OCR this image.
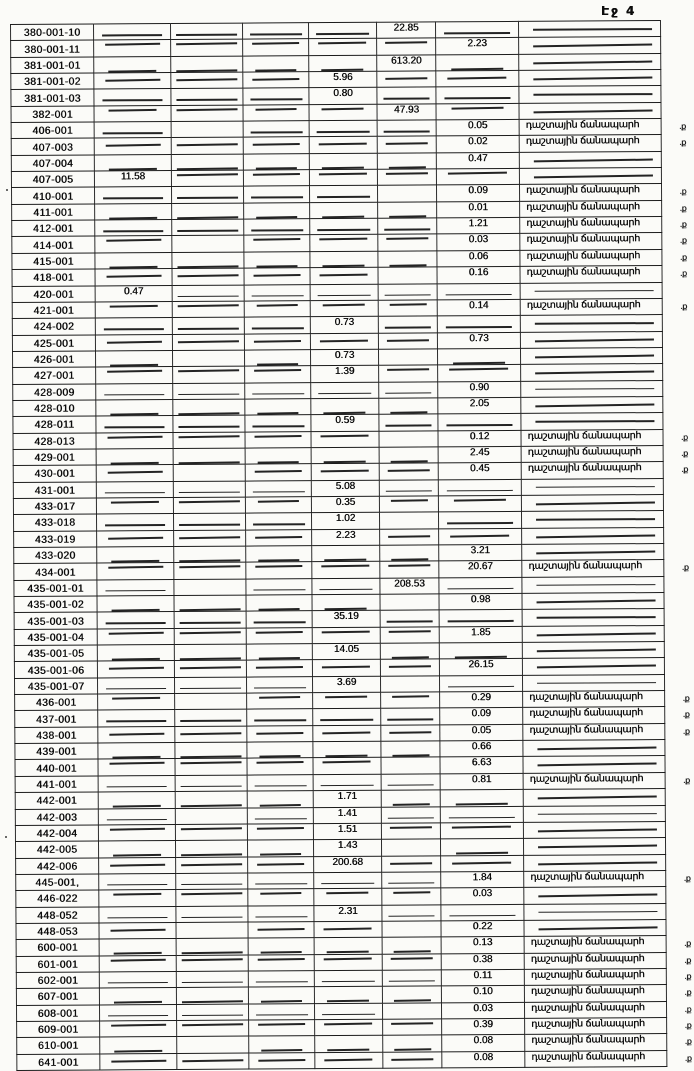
Էջ 4
380-001-10					22.85	

380-001-11						2.23	

381-001-01					613.20	

381-001-02				5.96	

381-001-03				0.80	

382-001					47.93	

406-001						0.05	դաշտային ճանապարհ .ք

407-003						0.02	դաշտային ճանապարհ .ք

407-004						0.47	

407-005	11.58	

410-001						0.09	դաշտային ճանապարհ .ք

411-001						0.01	դաշտային ճանապարհ .ք

412-001						1.21	դաշտային ճանապարհ .ք

414-001						0.03	դաշտային ճանապարհ .ք

415-001						0.06	դաշտային ճանապարհ .ք

418-001						0.16	դաշտային ճանապարհ .ք

420-001	0.47	

421-001						0.14	դաշտային ճանապարհ .ք

424-002				0.73	

425-001						0.73	

426-001				0.73	

427-001				1.39	

428-009						0.90	

428-010						2.05	

428-011				0.59	

428-013						0.12	դաշտային ճանապարհ .ք

429-001						2.45	դաշտային ճանապարհ .ք

430-001						0.45	դաշտային ճանապարհ .ք

431-001				5.08	

433-017				0.35	

433-018				1.02	

433-019				2.23	

433-020						3.21	

434-001						20.67	դաշտային ճանապարհ .ք

435-001-01					208.53	

435-001-02						0.98	

435-001-03				35.19	

435-001-04						1.85	

435-001-05				14.05	

435-001-06						26.15	

435-001-07				3.69	

436-001						0.29	դաշտային ճանապարհ .ք

437-001						0.09	դաշտային ճանապարհ .ք

438-001						0.05	դաշտային ճանապարհ .ք

439-001						0.66	

440-001						6.63	

441-001						0.81	դաշտային ճանապարհ .ք

442-001				1.71	

442-003				1.41	

442-004				1.51	

442-005				1.43	

442-006				200.68	

445-001,						1.84	դաշտային ճանապարհ .ք

446-022						0.03	

448-052				2.31	

448-053						0.22	

600-001						0.13	դաշտային ճանապարհ .ք

601-001						0.38	դաշտային ճանապարհ .ք

602-001						0.11	դաշտային ճանապարհ .ք

607-001						0.10	դաշտային ճանապարհ .ք

608-001						0.03	դաշտային ճանապարհ .ք

609-001						0.39	դաշտային ճանապարհ .ք

610-001						0.08	դաշտային ճանապարհ .ք

641-001						0.08	դաշտային ճանապարհ .ք
